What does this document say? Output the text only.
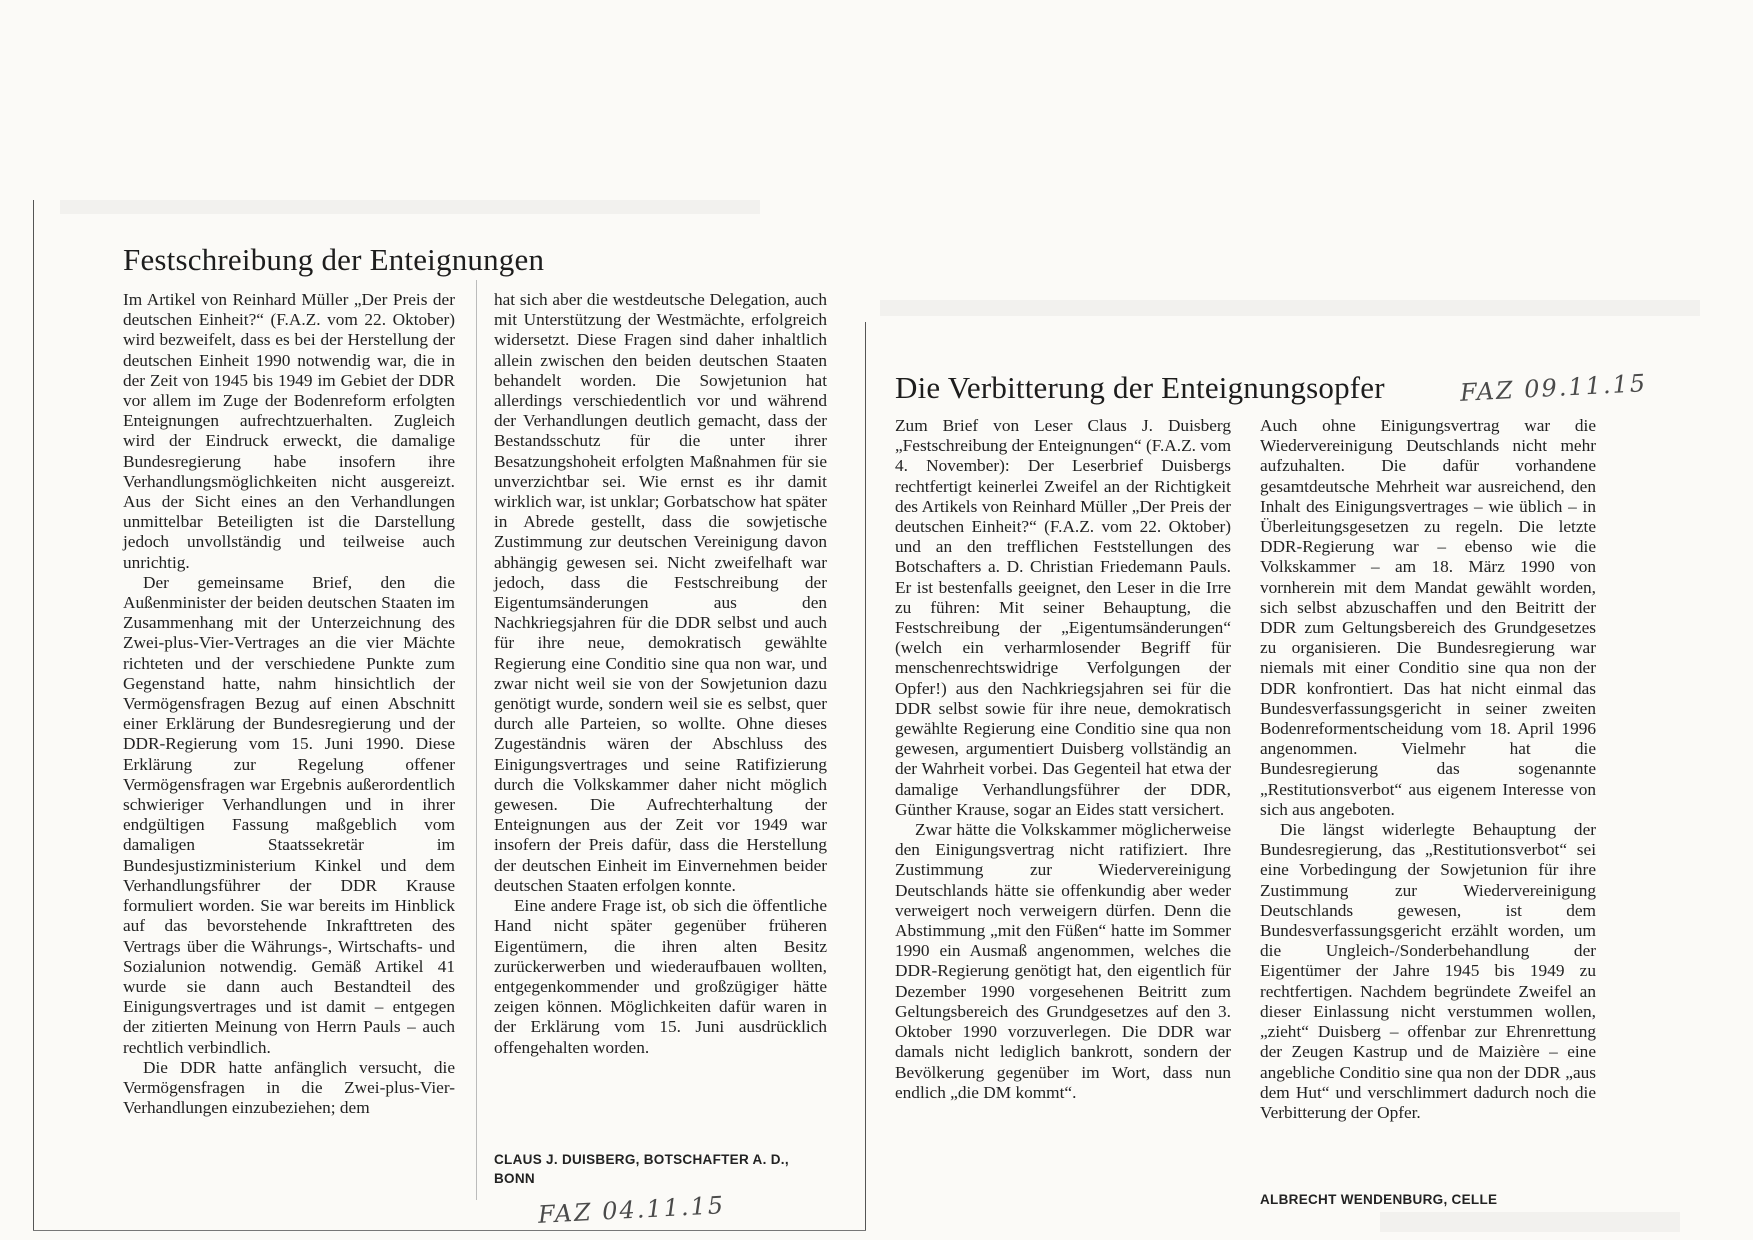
Festschreibung der Enteignungen

Im Artikel von Reinhard Müller „Der Preis der deutschen Einheit?“ (F.A.Z. vom 22. Oktober) wird bezweifelt, dass es bei der Herstellung der deutschen Einheit 1990 notwendig war, die in der Zeit von 1945 bis 1949 im Gebiet der DDR vor allem im Zuge der Bodenreform erfolgten Enteignungen aufrechtzuerhalten. Zugleich wird der Eindruck erweckt, die damalige Bundesregierung habe insofern ihre Verhandlungsmöglichkeiten nicht ausgereizt. Aus der Sicht eines an den Verhandlungen unmittelbar Beteiligten ist die Darstellung jedoch unvollständig und teilweise auch unrichtig.

Der gemeinsame Brief, den die Außenminister der beiden deutschen Staaten im Zusammenhang mit der Unterzeichnung des Zwei-plus-Vier-Vertrages an die vier Mächte richteten und der verschiedene Punkte zum Gegenstand hatte, nahm hinsichtlich der Vermögensfragen Bezug auf einen Abschnitt einer Erklärung der Bundesregierung und der DDR-Regierung vom 15. Juni 1990. Diese Erklärung zur Regelung offener Vermögensfragen war Ergebnis außerordentlich schwieriger Verhandlungen und in ihrer endgültigen Fassung maßgeblich vom damaligen Staatssekretär im Bundesjustizministerium Kinkel und dem Verhandlungsführer der DDR Krause formuliert worden. Sie war bereits im Hinblick auf das bevorstehende Inkrafttreten des Vertrags über die Währungs-, Wirtschafts- und Sozialunion notwendig. Gemäß Artikel 41 wurde sie dann auch Bestandteil des Einigungsvertrages und ist damit – entgegen der zitierten Meinung von Herrn Pauls – auch rechtlich verbindlich.

Die DDR hatte anfänglich versucht, die Vermögensfragen in die Zwei-plus-Vier-Verhandlungen einzubeziehen; dem

hat sich aber die westdeutsche Delegation, auch mit Unterstützung der Westmächte, erfolgreich widersetzt. Diese Fragen sind daher inhaltlich allein zwischen den beiden deutschen Staaten behandelt worden. Die Sowjetunion hat allerdings verschiedentlich vor und während der Verhandlungen deutlich gemacht, dass der Bestandsschutz für die unter ihrer Besatzungshoheit erfolgten Maßnahmen für sie unverzichtbar sei. Wie ernst es ihr damit wirklich war, ist unklar; Gorbatschow hat später in Abrede gestellt, dass die sowjetische Zustimmung zur deutschen Vereinigung davon abhängig gewesen sei. Nicht zweifelhaft war jedoch, dass die Festschreibung der Eigentumsänderungen aus den Nachkriegsjahren für die DDR selbst und auch für ihre neue, demokratisch gewählte Regierung eine Conditio sine qua non war, und zwar nicht weil sie von der Sowjetunion dazu genötigt wurde, sondern weil sie es selbst, quer durch alle Parteien, so wollte. Ohne dieses Zugeständnis wären der Abschluss des Einigungsvertrages und seine Ratifizierung durch die Volkskammer daher nicht möglich gewesen. Die Aufrechterhaltung der Enteignungen aus der Zeit vor 1949 war insofern der Preis dafür, dass die Herstellung der deutschen Einheit im Einvernehmen beider deutschen Staaten erfolgen konnte.

Eine andere Frage ist, ob sich die öffentliche Hand nicht später gegenüber früheren Eigentümern, die ihren alten Besitz zurückerwerben und wiederaufbauen wollten, entgegenkommender und großzügiger hätte zeigen können. Möglichkeiten dafür waren in der Erklärung vom 15. Juni ausdrücklich offengehalten worden.

CLAUS J. DUISBERG, BOTSCHAFTER A. D.,
BONN
FAZ 04.11.15
Die Verbitterung der Enteignungsopfer	FAZ 09.11.15

Zum Brief von Leser Claus J. Duisberg „Festschreibung der Enteignungen“ (F.A.Z. vom 4. November): Der Leserbrief Duisbergs rechtfertigt keinerlei Zweifel an der Richtigkeit des Artikels von Reinhard Müller „Der Preis der deutschen Einheit?“ (F.A.Z. vom 22. Oktober) und an den trefflichen Feststellungen des Botschafters a. D. Christian Friedemann Pauls. Er ist bestenfalls geeignet, den Leser in die Irre zu führen: Mit seiner Behauptung, die Festschreibung der „Eigentumsänderungen“ (welch ein verharmlosender Begriff für menschenrechtswidrige Verfolgungen der Opfer!) aus den Nachkriegsjahren sei für die DDR selbst sowie für ihre neue, demokratisch gewählte Regierung eine Conditio sine qua non gewesen, argumentiert Duisberg vollständig an der Wahrheit vorbei. Das Gegenteil hat etwa der damalige Verhandlungsführer der DDR, Günther Krause, sogar an Eides statt versichert.

Zwar hätte die Volkskammer möglicherweise den Einigungsvertrag nicht ratifiziert. Ihre Zustimmung zur Wiedervereinigung Deutschlands hätte sie offenkundig aber weder verweigert noch verweigern dürfen. Denn die Abstimmung „mit den Füßen“ hatte im Sommer 1990 ein Ausmaß angenommen, welches die DDR-Regierung genötigt hat, den eigentlich für Dezember 1990 vorgesehenen Beitritt zum Geltungsbereich des Grundgesetzes auf den 3. Oktober 1990 vorzuverlegen. Die DDR war damals nicht lediglich bankrott, sondern der Bevölkerung gegenüber im Wort, dass nun endlich „die DM kommt“.

Auch ohne Einigungsvertrag war die Wiedervereinigung Deutschlands nicht mehr aufzuhalten. Die dafür vorhandene gesamtdeutsche Mehrheit war ausreichend, den Inhalt des Einigungsvertrages – wie üblich – in Überleitungsgesetzen zu regeln. Die letzte DDR-Regierung war – ebenso wie die Volkskammer – am 18. März 1990 von vornherein mit dem Mandat gewählt worden, sich selbst abzuschaffen und den Beitritt der DDR zum Geltungsbereich des Grundgesetzes zu organisieren. Die Bundesregierung war niemals mit einer Conditio sine qua non der DDR konfrontiert. Das hat nicht einmal das Bundesverfassungsgericht in seiner zweiten Bodenreformentscheidung vom 18. April 1996 angenommen. Vielmehr hat die Bundesregierung das sogenannte „Restitutionsverbot“ aus eigenem Interesse von sich aus angeboten.

Die längst widerlegte Behauptung der Bundesregierung, das „Restitutionsverbot“ sei eine Vorbedingung der Sowjetunion für ihre Zustimmung zur Wiedervereinigung Deutschlands gewesen, ist dem Bundesverfassungsgericht erzählt worden, um die Ungleich-/Sonderbehandlung der Eigentümer der Jahre 1945 bis 1949 zu rechtfertigen. Nachdem begründete Zweifel an dieser Einlassung nicht verstummen wollen, „zieht“ Duisberg – offenbar zur Ehrenrettung der Zeugen Kastrup und de Maizière – eine angebliche Conditio sine qua non der DDR „aus dem Hut“ und verschlimmert dadurch noch die Verbitterung der Opfer.

ALBRECHT WENDENBURG, CELLE
